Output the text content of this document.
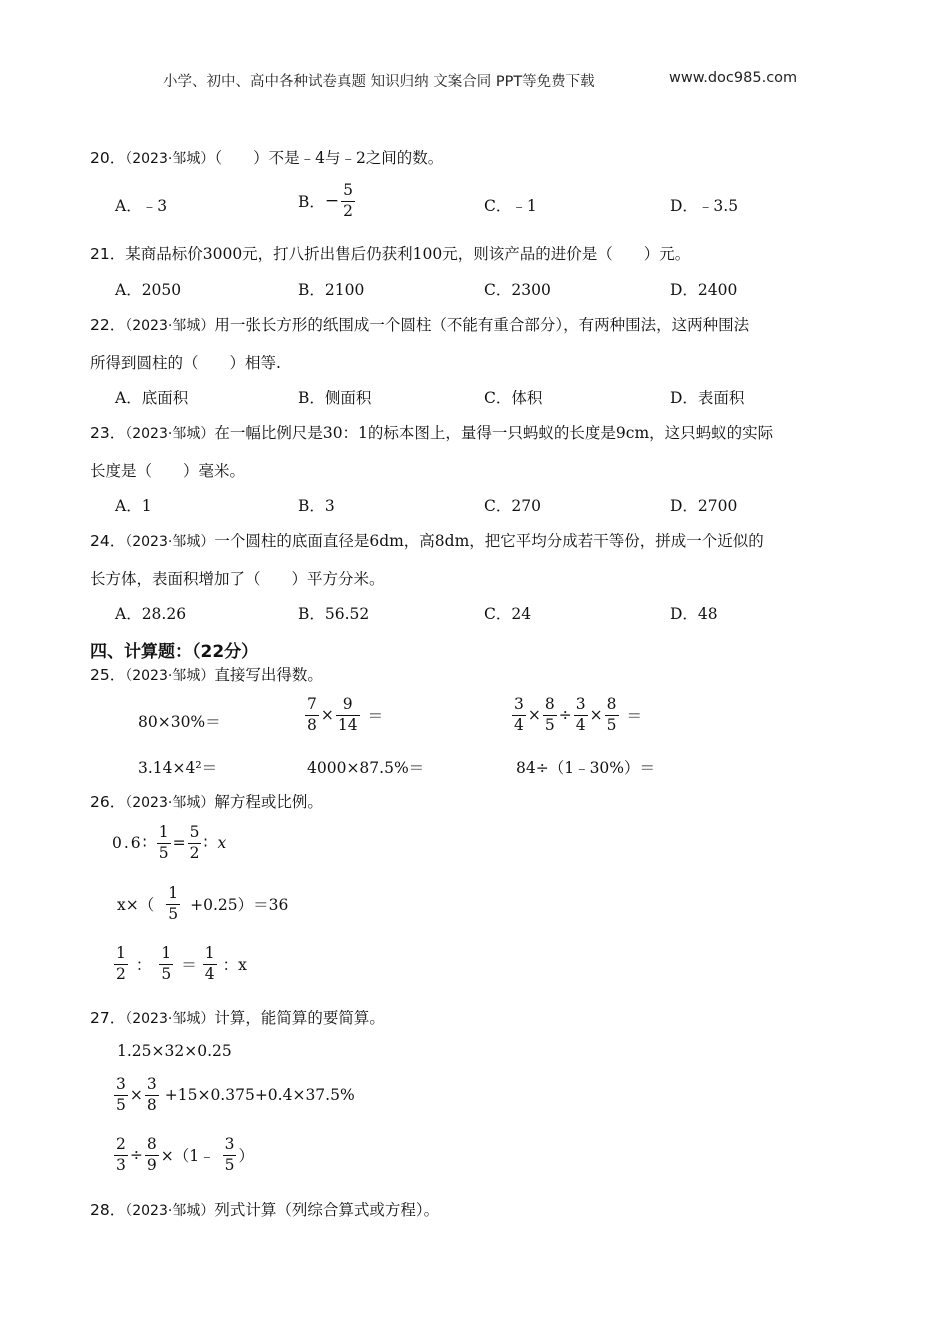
小学、初中、高中各种试卷真题 知识归纳 文案合同 PPT等免费下载	www.doc985.com
20．（2023·邹城）（　　）不是﹣4与﹣2之间的数。
A．﹣3	B． − $\frac{5}{2}$	C．﹣1	D．﹣3.5
21．某商品标价3000元，打八折出售后仍获利100元，则该产品的进价是（　　）元。
A．2050	B．2100	C．2300	D．2400
22．（2023·邹城）用一张长方形的纸围成一个圆柱（不能有重合部分），有两种围法，这两种围法
所得到圆柱的（　　）相等.
A．底面积	B．侧面积	C．体积	D．表面积
23．（2023·邹城）在一幅比例尺是30：1的标本图上，量得一只蚂蚁的长度是9cm，这只蚂蚁的实际
长度是（　　）毫米。
A．1	B．3	C．270	D．2700
24．（2023·邹城）一个圆柱的底面直径是6dm，高8dm，把它平均分成若干等份，拼成一个近似的
长方体，表面积增加了（　　）平方分米。
A．28.26	B．56.52	C．24	D．48
四、计算题：（22分）
25．（2023·邹城）直接写出得数。
80×30%＝	$\frac{7}{8} \times \frac{9}{14}$ ＝	$\frac{3}{4} \times \frac{8}{5} \div \frac{3}{4} \times \frac{8}{5}$ ＝
3.14×4²＝	4000×87.5%＝	84÷（1﹣30%）＝
26．（2023·邹城）解方程或比例。
0.6∶ $\frac{1}{5} = \frac{5}{2}$ ∶ x
$x\times( \frac{1}{5} +0.25)=36$
$\frac{1}{2}$ ： $\frac{1}{5} = \frac{1}{4}$ ：x
27．（2023·邹城）计算，能简算的要简算。
1.25×32×0.25
$\frac{3}{5} \times \frac{3}{8} +15\times 0.375+0.4\times 37.5\%$
$\frac{2}{3} \div \frac{8}{9}$ ×（1﹣ $\frac{3}{5}$ ）
28．（2023·邹城）列式计算（列综合算式或方程）。
